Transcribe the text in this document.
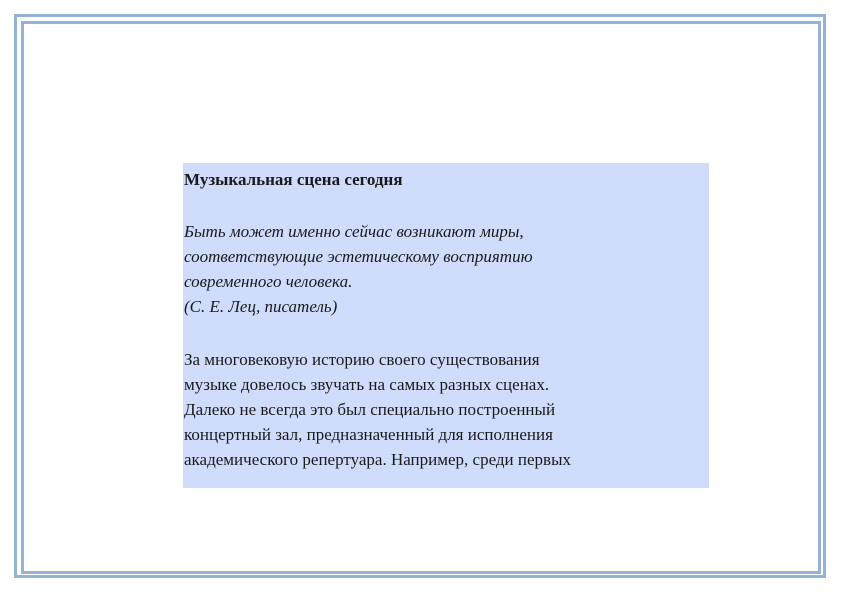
Музыкальная сцена сегодня
Быть может именно сейчас возникают миры,
соответствующие эстетическому восприятию
современного человека.
(С. Е. Лец, писатель)
За многовековую историю своего существования
музыке довелось звучать на самых разных сценах.
Далеко не всегда это был специально построенный
концертный зал, предназначенный для исполнения
академического репертуара. Например, среди первых
